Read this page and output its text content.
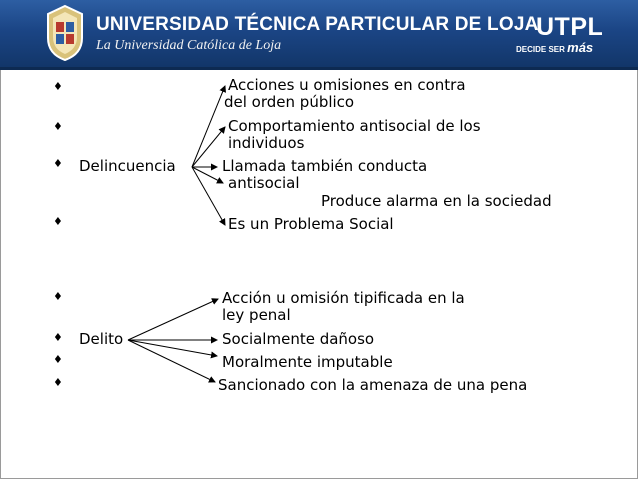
UNIVERSIDAD TÉCNICA PARTICULAR DE LOJA
La Universidad Católica de Loja
UTPL
DECIDE SER más
♦
♦
♦
♦
♦
♦
♦
♦
Delincuencia
Acciones u omisiones en contra
del orden público
Comportamiento antisocial de los
individuos
Llamada también conducta
antisocial
Produce alarma en la sociedad
Es un Problema Social
Delito
Acción u omisión tipificada en la
ley penal
Socialmente dañoso
Moralmente imputable
Sancionado con la amenaza de una pena
